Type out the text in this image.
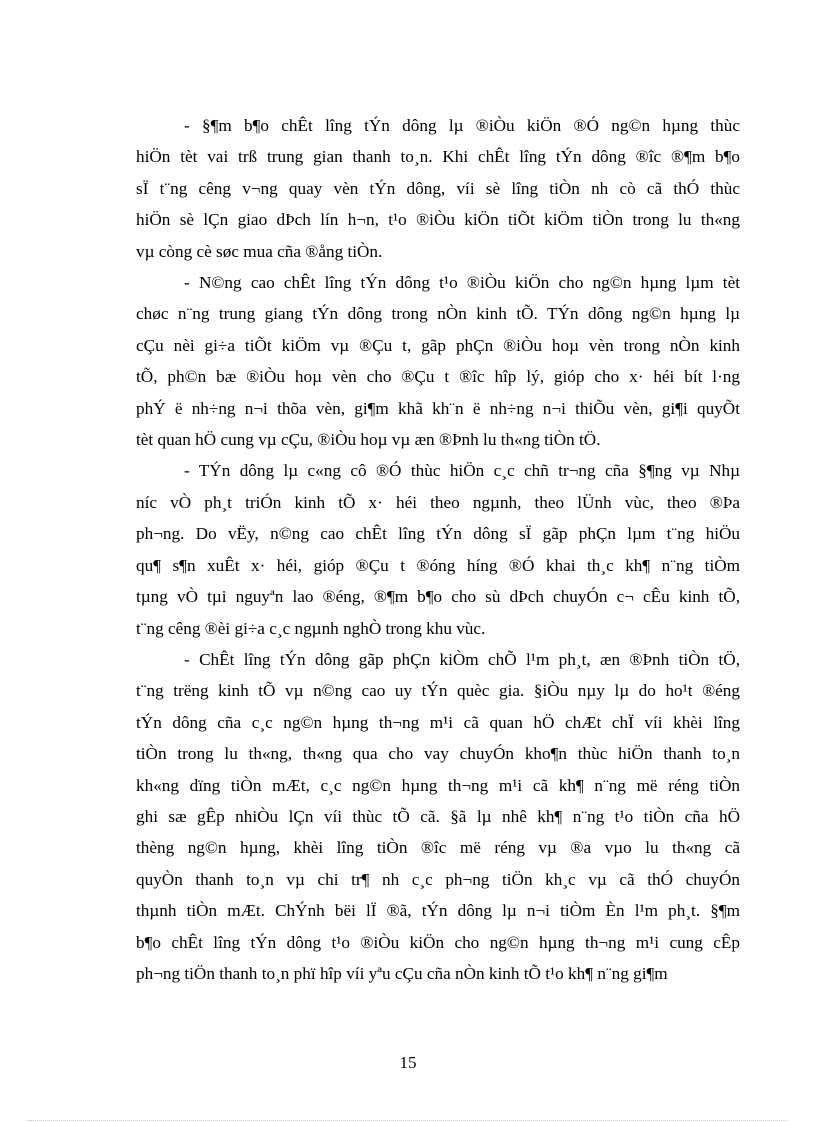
- §¶m b¶o chÊt lîng tÝn dông lµ ®iÒu kiÖn ®Ó ng©n hµng thùc
hiÖn tèt vai trß trung gian thanh to¸n. Khi chÊt lîng tÝn dông ®îc ®¶m b¶o
sÏ t¨ng cêng v¬ng quay vèn tÝn dông, víi sè lîng tiÒn nh cò cã thÓ thùc
hiÖn sè lÇn giao dÞch lín h¬n, t¹o ®iÒu kiÖn tiÕt kiÖm tiÒn trong lu th«ng
vµ còng cè søc mua cña ®ång tiÒn.

- N©ng cao chÊt lîng tÝn dông t¹o ®iÒu kiÖn cho ng©n hµng lµm tèt
chøc n¨ng trung giang tÝn dông trong nÒn kinh tÕ. TÝn dông ng©n hµng lµ
cÇu nèi gi÷a tiÕt kiÖm vµ ®Çu t, gãp phÇn ®iÒu hoµ vèn trong nÒn kinh
tÕ, ph©n bæ ®iÒu hoµ vèn cho ®Çu t ®îc hîp lý, gióp cho x· héi bít l·ng
phÝ ë nh÷ng n¬i thõa vèn, gi¶m khã kh¨n ë nh÷ng n¬i thiÕu vèn, gi¶i quyÕt
tèt quan hÖ cung vµ cÇu, ®iÒu hoµ vµ æn ®Þnh lu th«ng tiÒn tÖ.

- TÝn dông lµ c«ng cô ®Ó thùc hiÖn c¸c chñ tr¬ng cña §¶ng vµ Nhµ
níc vÒ ph¸t triÓn kinh tÕ x· héi theo ngµnh, theo lÜnh vùc, theo ®Þa
ph¬ng. Do vËy, n©ng cao chÊt lîng tÝn dông sÏ gãp phÇn lµm t¨ng hiÖu
qu¶ s¶n xuÊt x· héi, gióp ®Çu t ®óng híng ®Ó khai th¸c kh¶ n¨ng tiÒm
tµng vÒ tµi nguyªn lao ®éng, ®¶m b¶o cho sù dÞch chuyÓn c¬ cÊu kinh tÕ,
t¨ng cêng ®èi gi÷a c¸c ngµnh nghÒ trong khu vùc.

- ChÊt lîng tÝn dông gãp phÇn kiÒm chÕ l¹m ph¸t, æn ®Þnh tiÒn tÖ,
t¨ng trëng kinh tÕ vµ n©ng cao uy tÝn quèc gia. §iÒu nµy lµ do ho¹t ®éng
tÝn dông cña c¸c ng©n hµng th¬ng m¹i cã quan hÖ chÆt chÏ víi khèi lîng
tiÒn trong lu th«ng, th«ng qua cho vay chuyÓn kho¶n thùc hiÖn thanh to¸n
kh«ng dïng tiÒn mÆt, c¸c ng©n hµng th¬ng m¹i cã kh¶ n¨ng më réng tiÒn
ghi sæ gÊp nhiÒu lÇn víi thùc tÕ cã. §ã lµ nhê kh¶ n¨ng t¹o tiÒn cña hÖ
thèng ng©n hµng, khèi lîng tiÒn ®îc më réng vµ ®a vµo lu th«ng cã
quyÒn thanh to¸n vµ chi tr¶ nh c¸c ph¬ng tiÖn kh¸c vµ cã thÓ chuyÓn
thµnh tiÒn mÆt. ChÝnh bëi lÏ ®ã, tÝn dông lµ n¬i tiÒm Èn l¹m ph¸t. §¶m
b¶o chÊt lîng tÝn dông t¹o ®iÒu kiÖn cho ng©n hµng th¬ng m¹i cung cÊp
ph¬ng tiÖn thanh to¸n phï hîp víi yªu cÇu cña nÒn kinh tÕ t¹o kh¶ n¨ng gi¶m

15
